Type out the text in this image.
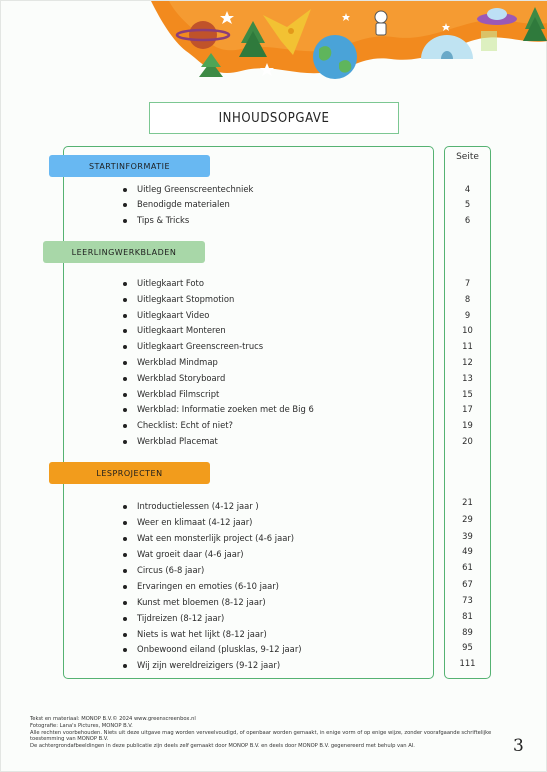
INHOUDSOPGAVE
Seite
STARTINFORMATIE
LEERLINGWERKBLADEN
LESPROJECTEN
Uitleg Greenscreentechniek	4
Benodigde materialen	5
Tips & Tricks	6
Uitlegkaart Foto	7
Uitlegkaart Stopmotion	8
Uitlegkaart Video	9
Uitlegkaart Monteren	10
Uitlegkaart Greenscreen-trucs	11
Werkblad Mindmap	12
Werkblad Storyboard	13
Werkblad Filmscript	15
Werkblad: Informatie zoeken met de Big 6	17
Checklist: Echt of niet?	19
Werkblad Placemat	20
Introductielessen (4-12 jaar )	21
Weer en klimaat (4-12 jaar)	29
Wat een monsterlijk project (4-6 jaar)	39
Wat groeit daar (4-6 jaar)	49
Circus (6-8 jaar)	61
Ervaringen en emoties (6-10 jaar)	67
Kunst met bloemen (8-12 jaar)	73
Tijdreizen (8-12 jaar)	81
Niets is wat het lijkt (8-12 jaar)	89
Onbewoond eiland (plusklas, 9-12 jaar)	95
Wij zijn wereldreizigers (9-12 jaar)	111
Tekst en materiaal: MONOP B.V.© 2024 www.greenscreenbox.nl
Fotografie: Lana's Pictures, MONOP B.V.
Alle rechten voorbehouden. Niets uit deze uitgave mag worden verveelvoudigd, of openbaar worden gemaakt, in enige vorm of op enige wijze, zonder voorafgaande schriftelijke toestemming van MONOP B.V.
De achtergrondafbeeldingen in deze publicatie zijn deels zelf gemaakt door MONOP B.V. en deels door MONOP B.V. gegenereerd met behulp van AI.	3
